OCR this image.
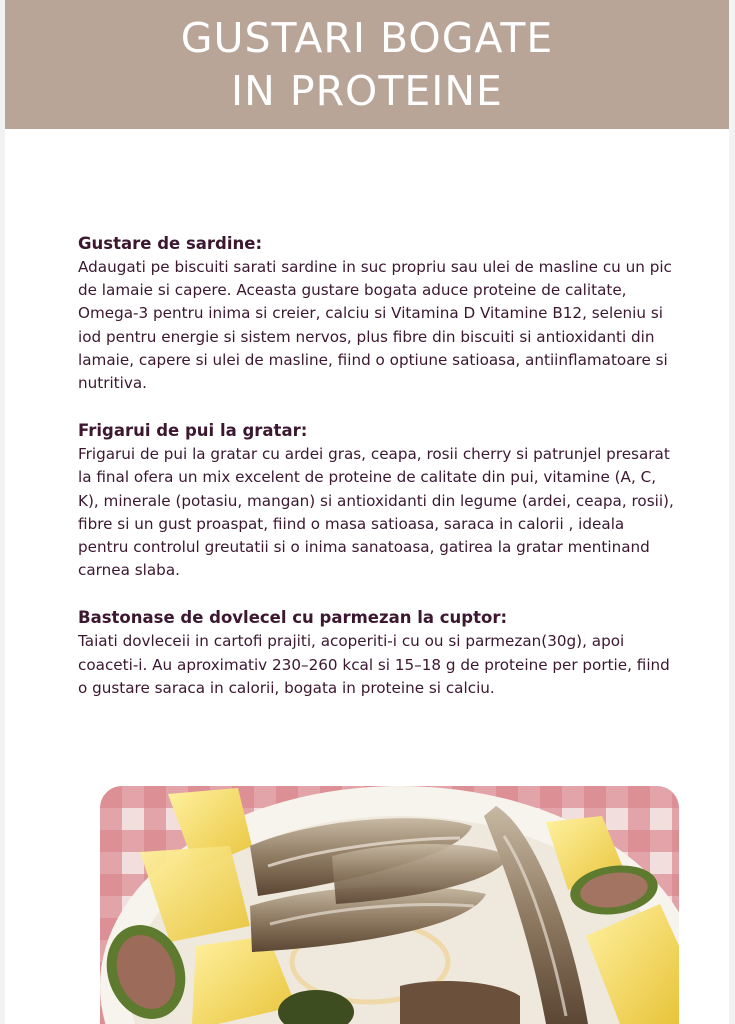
GUSTARI BOGATE
IN PROTEINE

Gustare de sardine:

Adaugati pe biscuiti sarati sardine in suc propriu sau ulei de masline cu un pic de lamaie si capere. Aceasta gustare bogata aduce proteine de calitate, Omega-3 pentru inima si creier, calciu si Vitamina D Vitamine B12, seleniu si iod pentru energie si sistem nervos, plus fibre din biscuiti si antioxidanti din lamaie, capere si ulei de masline, fiind o optiune satioasa, antiinflamatoare si nutritiva.

Frigarui de pui la gratar:

Frigarui de pui la gratar cu ardei gras, ceapa, rosii cherry si patrunjel presarat la final ofera un mix excelent de proteine de calitate din pui, vitamine (A, C, K), minerale (potasiu, mangan) si antioxidanti din legume (ardei, ceapa, rosii), fibre si un gust proaspat, fiind o masa satioasa, saraca in calorii , ideala pentru controlul greutatii si o inima sanatoasa, gatirea la gratar mentinand carnea slaba.

Bastonase de dovlecel cu parmezan la cuptor:

Taiati dovleceii in cartofi prajiti, acoperiti-i cu ou si parmezan(30g), apoi coaceti-i. Au aproximativ 230–260 kcal si 15–18 g de proteine per portie, fiind o gustare saraca in calorii, bogata in proteine si calciu.
